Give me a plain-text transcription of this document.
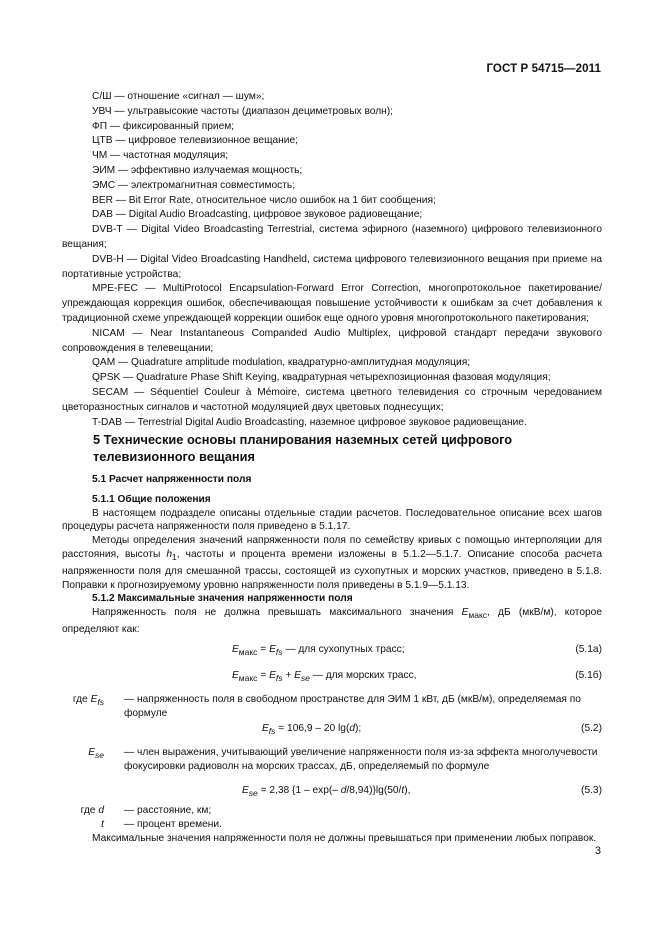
ГОСТ Р 54715—2011

С/Ш — отношение «сигнал — шум»;

УВЧ — ультравысокие частоты (диапазон дециметровых волн);

ФП — фиксированный прием;

ЦТВ — цифровое телевизионное вещание;

ЧМ — частотная модуляция;

ЭИМ — эффективно излучаемая мощность;

ЭМС — электромагнитная совместимость;

BER — Bit Error Rate, относительное число ошибок на 1 бит сообщения;

DAB — Digital Audio Broadcasting, цифровое звуковое радиовещание;

DVB-T — Digital Video Broadcasting Terrestrial, система эфирного (наземного) цифрового телевизионного вещания;

DVB-H — Digital Video Broadcasting Handheld, система цифрового телевизионного вещания при приеме на портативные устройства;

MPE-FEC — MultiProtocol Encapsulation-Forward Error Correction, многопротокольное пакетирование/упреждающая коррекция ошибок, обеспечивающая повышение устойчивости к ошибкам за счет добавления к традиционной схеме упреждающей коррекции ошибок еще одного уровня многопротокольного пакетирования;

NICAM — Near Instantaneous Companded Audio Multiplex, цифровой стандарт передачи звукового сопровождения в телевещании;

QAM — Quadrature amplitude modulation, квадратурно-амплитудная модуляция;

QPSK — Quadrature Phase Shift Keying, квадратурная четырехпозиционная фазовая модуляция;

SECAM — Séquentiel Couleur à Mémoire, система цветного телевидения со строчным чередованием цветоразностных сигналов и частотной модуляцией двух цветовых поднесущих;

T-DAB — Terrestrial Digital Audio Broadcasting, наземное цифровое звуковое радиовещание.

5 Технические основы планирования наземных сетей цифрового телевизионного вещания

5.1 Расчет напряженности поля

5.1.1 Общие положения

В настоящем подразделе описаны отдельные стадии расчетов. Последовательное описание всех шагов процедуры расчета напряженности поля приведено в 5.1.17.

Методы определения значений напряженности поля по семейству кривых с помощью интерполяции для расстояния, высоты $h_1$, частоты и процента времени изложены в 5.1.2—5.1.7. Описание способа расчета напряженности поля для смешанной трассы, состоящей из сухопутных и морских участков, приведено в 5.1.8. Поправки к прогнозируемому уровню напряженности поля приведены в 5.1.9—5.1.13.

5.1.2 Максимальные значения напряженности поля

Напряженность поля не должна превышать максимального значения $E_{макс}$, дБ (мкВ/м), которое определяют как:

$E_{макс} = E_{fs}$ — для сухопутных трасс;	(5.1а)
$E_{макс} = E_{fs} + E_{se}$ — для морских трасс,	(5.1б)
где $E_{fs}$ — напряженность поля в свободном пространстве для ЭИМ 1 кВт, дБ (мкВ/м), определяемая по формуле
$E_{fs} = 106,9 - 20$ lg(d);	(5.2)
$E_{se}$ — член выражения, учитывающий увеличение напряженности поля из-за эффекта многолучевости фокусировки радиоволн на морских трассах, дБ, определяемый по формуле
$E_{se} = 2,38$ {1 – exp(– d/8,94)}lg(50/t),	(5.3)
где d — расстояние, км;
t — процент времени.

Максимальные значения напряженности поля не должны превышаться при применении любых поправок.

3
